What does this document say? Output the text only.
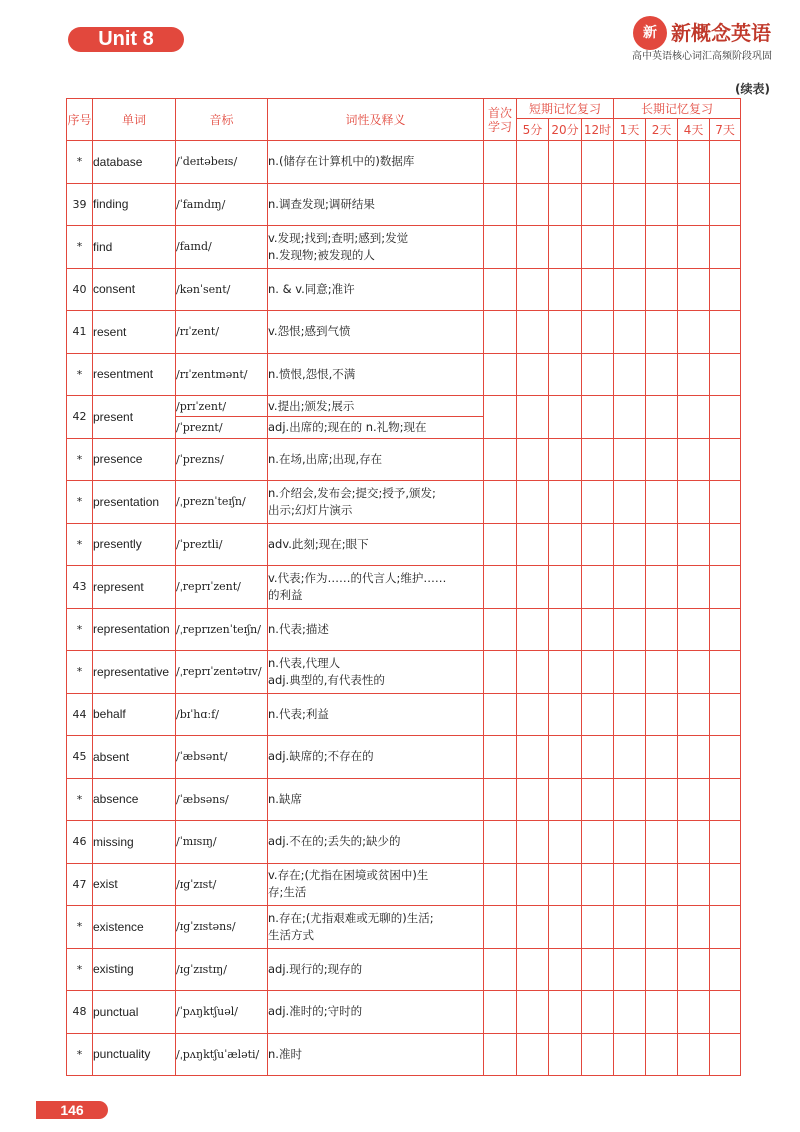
Unit 8	新 新概念英语
高中英语核心词汇高频阶段巩固
(续表)
序号	单词	音标	词性及释义	首次学习	短期记忆复习			长期记忆复习			
					5分	20分	12时	1天	2天	4天	7天
*	database	/ˈdeɪtəbeɪs/	n.(储存在计算机中的)数据库								

39	finding	/ˈfaɪndɪŋ/	n.调查发现;调研结果								

*	find	/faɪnd/	v.发现;找到;查明;感到;发觉
n.发现物;被发现的人								

40	consent	/kənˈsent/	n. & v.同意;准许								

41	resent	/rɪˈzent/	v.怨恨;感到气愤								

*	resentment	/rɪˈzentmənt/	n.愤恨,怨恨,不满								

42	present	/prɪˈzent/	v.提出;颁发;展示								

		/ˈpreznt/	adj.出席的;现在的 n.礼物;现在								

*	presence	/ˈprezns/	n.在场,出席;出现,存在								

*	presentation	/ˌpreznˈteɪʃn/	n.介绍会,发布会;提交;授予,颁发;
出示;幻灯片演示								

*	presently	/ˈpreztli/	adv.此刻;现在;眼下								

43	represent	/ˌreprɪˈzent/	v.代表;作为……的代言人;维护……
的利益								

*	representation	/ˌreprɪzenˈteɪʃn/	n.代表;描述								

*	representative	/ˌreprɪˈzentətɪv/	n.代表,代理人
adj.典型的,有代表性的								

44	behalf	/bɪˈhɑːf/	n.代表;利益								

45	absent	/ˈæbsənt/	adj.缺席的;不存在的								

*	absence	/ˈæbsəns/	n.缺席								

46	missing	/ˈmɪsɪŋ/	adj.不在的;丢失的;缺少的								

47	exist	/ɪgˈzɪst/	v.存在;(尤指在困境或贫困中)生
存;生活								

*	existence	/ɪgˈzɪstəns/	n.存在;(尤指艰难或无聊的)生活;
生活方式								

*	existing	/ɪgˈzɪstɪŋ/	adj.现行的;现存的								

48	punctual	/ˈpʌŋktʃuəl/	adj.准时的;守时的								

*	punctuality	/ˌpʌŋktʃuˈæləti/	n.准时								

146
